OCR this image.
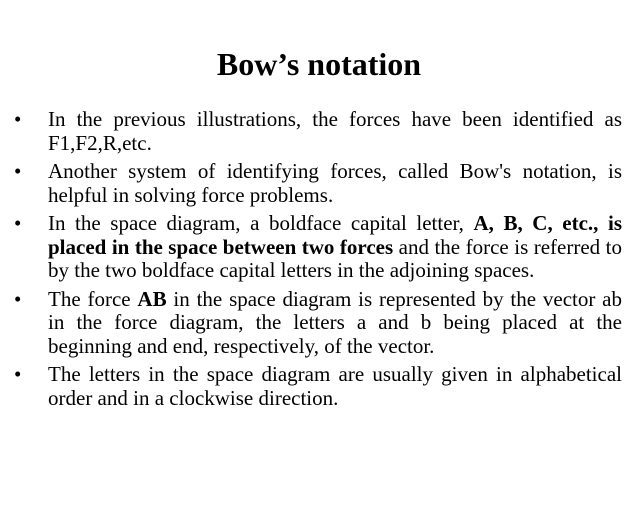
Bow’s notation
•	In the previous illustrations, the forces have been identified as F1,F2,R,etc.
•	Another system of identifying forces, called Bow's notation, is helpful in solving force problems.
•	In the space diagram, a boldface capital letter, A, B, C, etc., is placed in the space between two forces and the force is referred to by the two boldface capital letters in the adjoining spaces.
•	The force AB in the space diagram is represented by the vector ab in the force diagram, the letters a and b being placed at the beginning and end, respectively, of the vector.
•	The letters in the space diagram are usually given in alphabetical order and in a clockwise direction.
